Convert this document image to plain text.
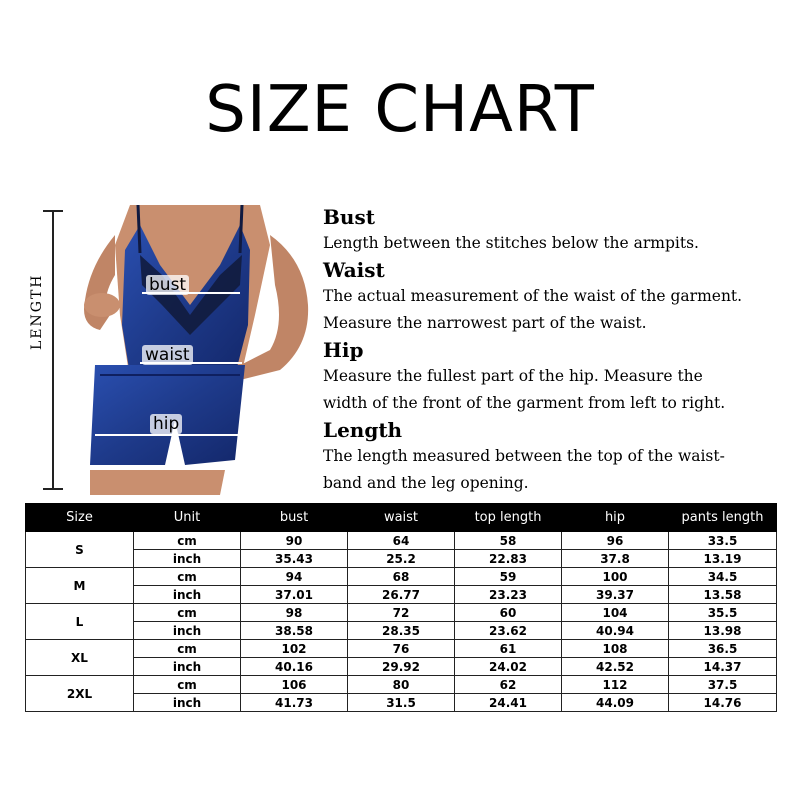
SIZE CHART
LENGTH	bust
waist
hip
Bust
Length between the stitches below the armpits.
Waist
The actual measurement of the waist of the garment.
Measure the narrowest part of the waist.
Hip
Measure the fullest part of the hip. Measure the
width of the front of the garment from left to right.
Length
The length measured between the top of the waist-
band and the leg opening.
Size	Unit	bust	waist	top length	hip	pants length
S	cm	90	64	58	96	33.5
	inch	35.43	25.2	22.83	37.8	13.19
M	cm	94	68	59	100	34.5
	inch	37.01	26.77	23.23	39.37	13.58
L	cm	98	72	60	104	35.5
	inch	38.58	28.35	23.62	40.94	13.98
XL	cm	102	76	61	108	36.5
	inch	40.16	29.92	24.02	42.52	14.37
2XL	cm	106	80	62	112	37.5
	inch	41.73	31.5	24.41	44.09	14.76
